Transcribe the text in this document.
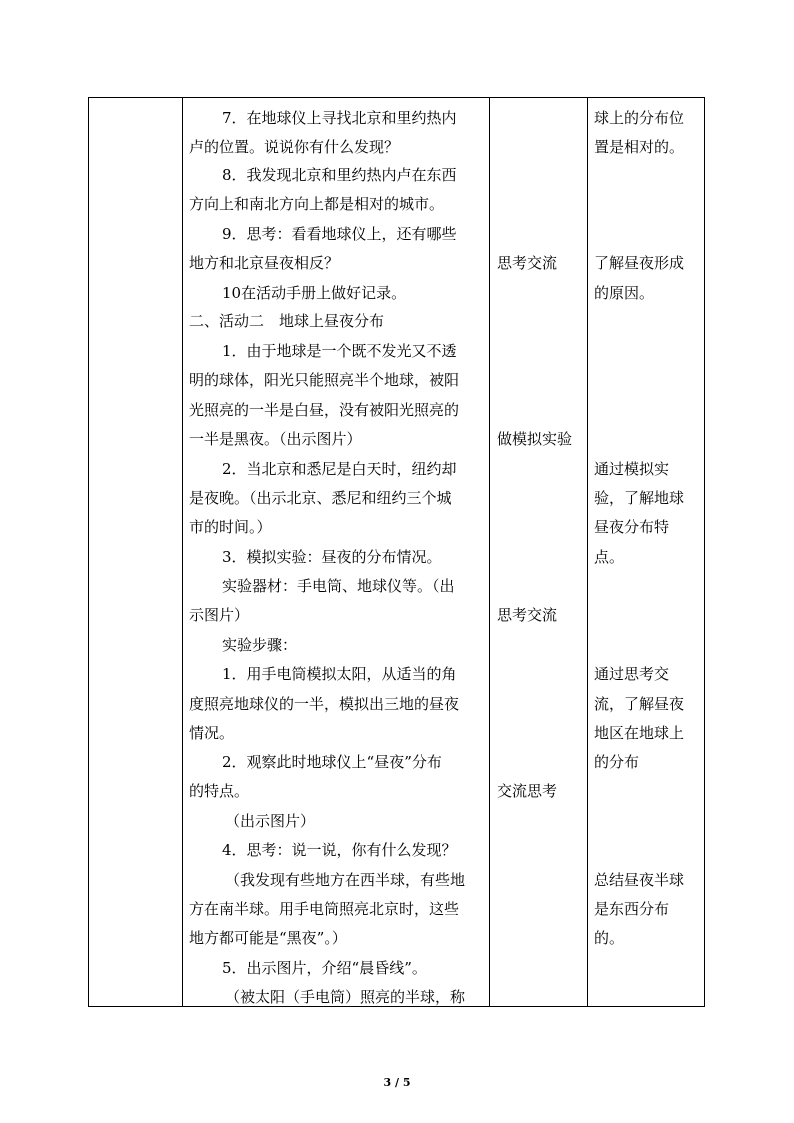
7．在地球仪上寻找北京和里约热内
卢的位置。说说你有什么发现？
8．我发现北京和里约热内卢在东西
方向上和南北方向上都是相对的城市。
9．思考：看看地球仪上，还有哪些
地方和北京昼夜相反？
10在活动手册上做好记录。
二、活动二　地球上昼夜分布
1．由于地球是一个既不发光又不透
明的球体，阳光只能照亮半个地球，被阳
光照亮的一半是白昼，没有被阳光照亮的
一半是黑夜。（出示图片）
2．当北京和悉尼是白天时，纽约却
是夜晚。（出示北京、悉尼和纽约三个城
市的时间。）
3．模拟实验：昼夜的分布情况。
实验器材：手电筒、地球仪等。（出
示图片）
实验步骤：
1．用手电筒模拟太阳，从适当的角
度照亮地球仪的一半，模拟出三地的昼夜
情况。
2．观察此时地球仪上“昼夜”分布
的特点。
（出示图片）
4．思考：说一说，你有什么发现？
（我发现有些地方在西半球，有些地
方在南半球。用手电筒照亮北京时，这些
地方都可能是“黑夜”。）
5．出示图片，介绍“晨昏线”。
（被太阳（手电筒）照亮的半球，称
思考交流
做模拟实验
思考交流
交流思考
球上的分布位
置是相对的。
了解昼夜形成
的原因。
通过模拟实
验，了解地球
昼夜分布特
点。
通过思考交
流，了解昼夜
地区在地球上
的分布
总结昼夜半球
是东西分布
的。
3 / 5
